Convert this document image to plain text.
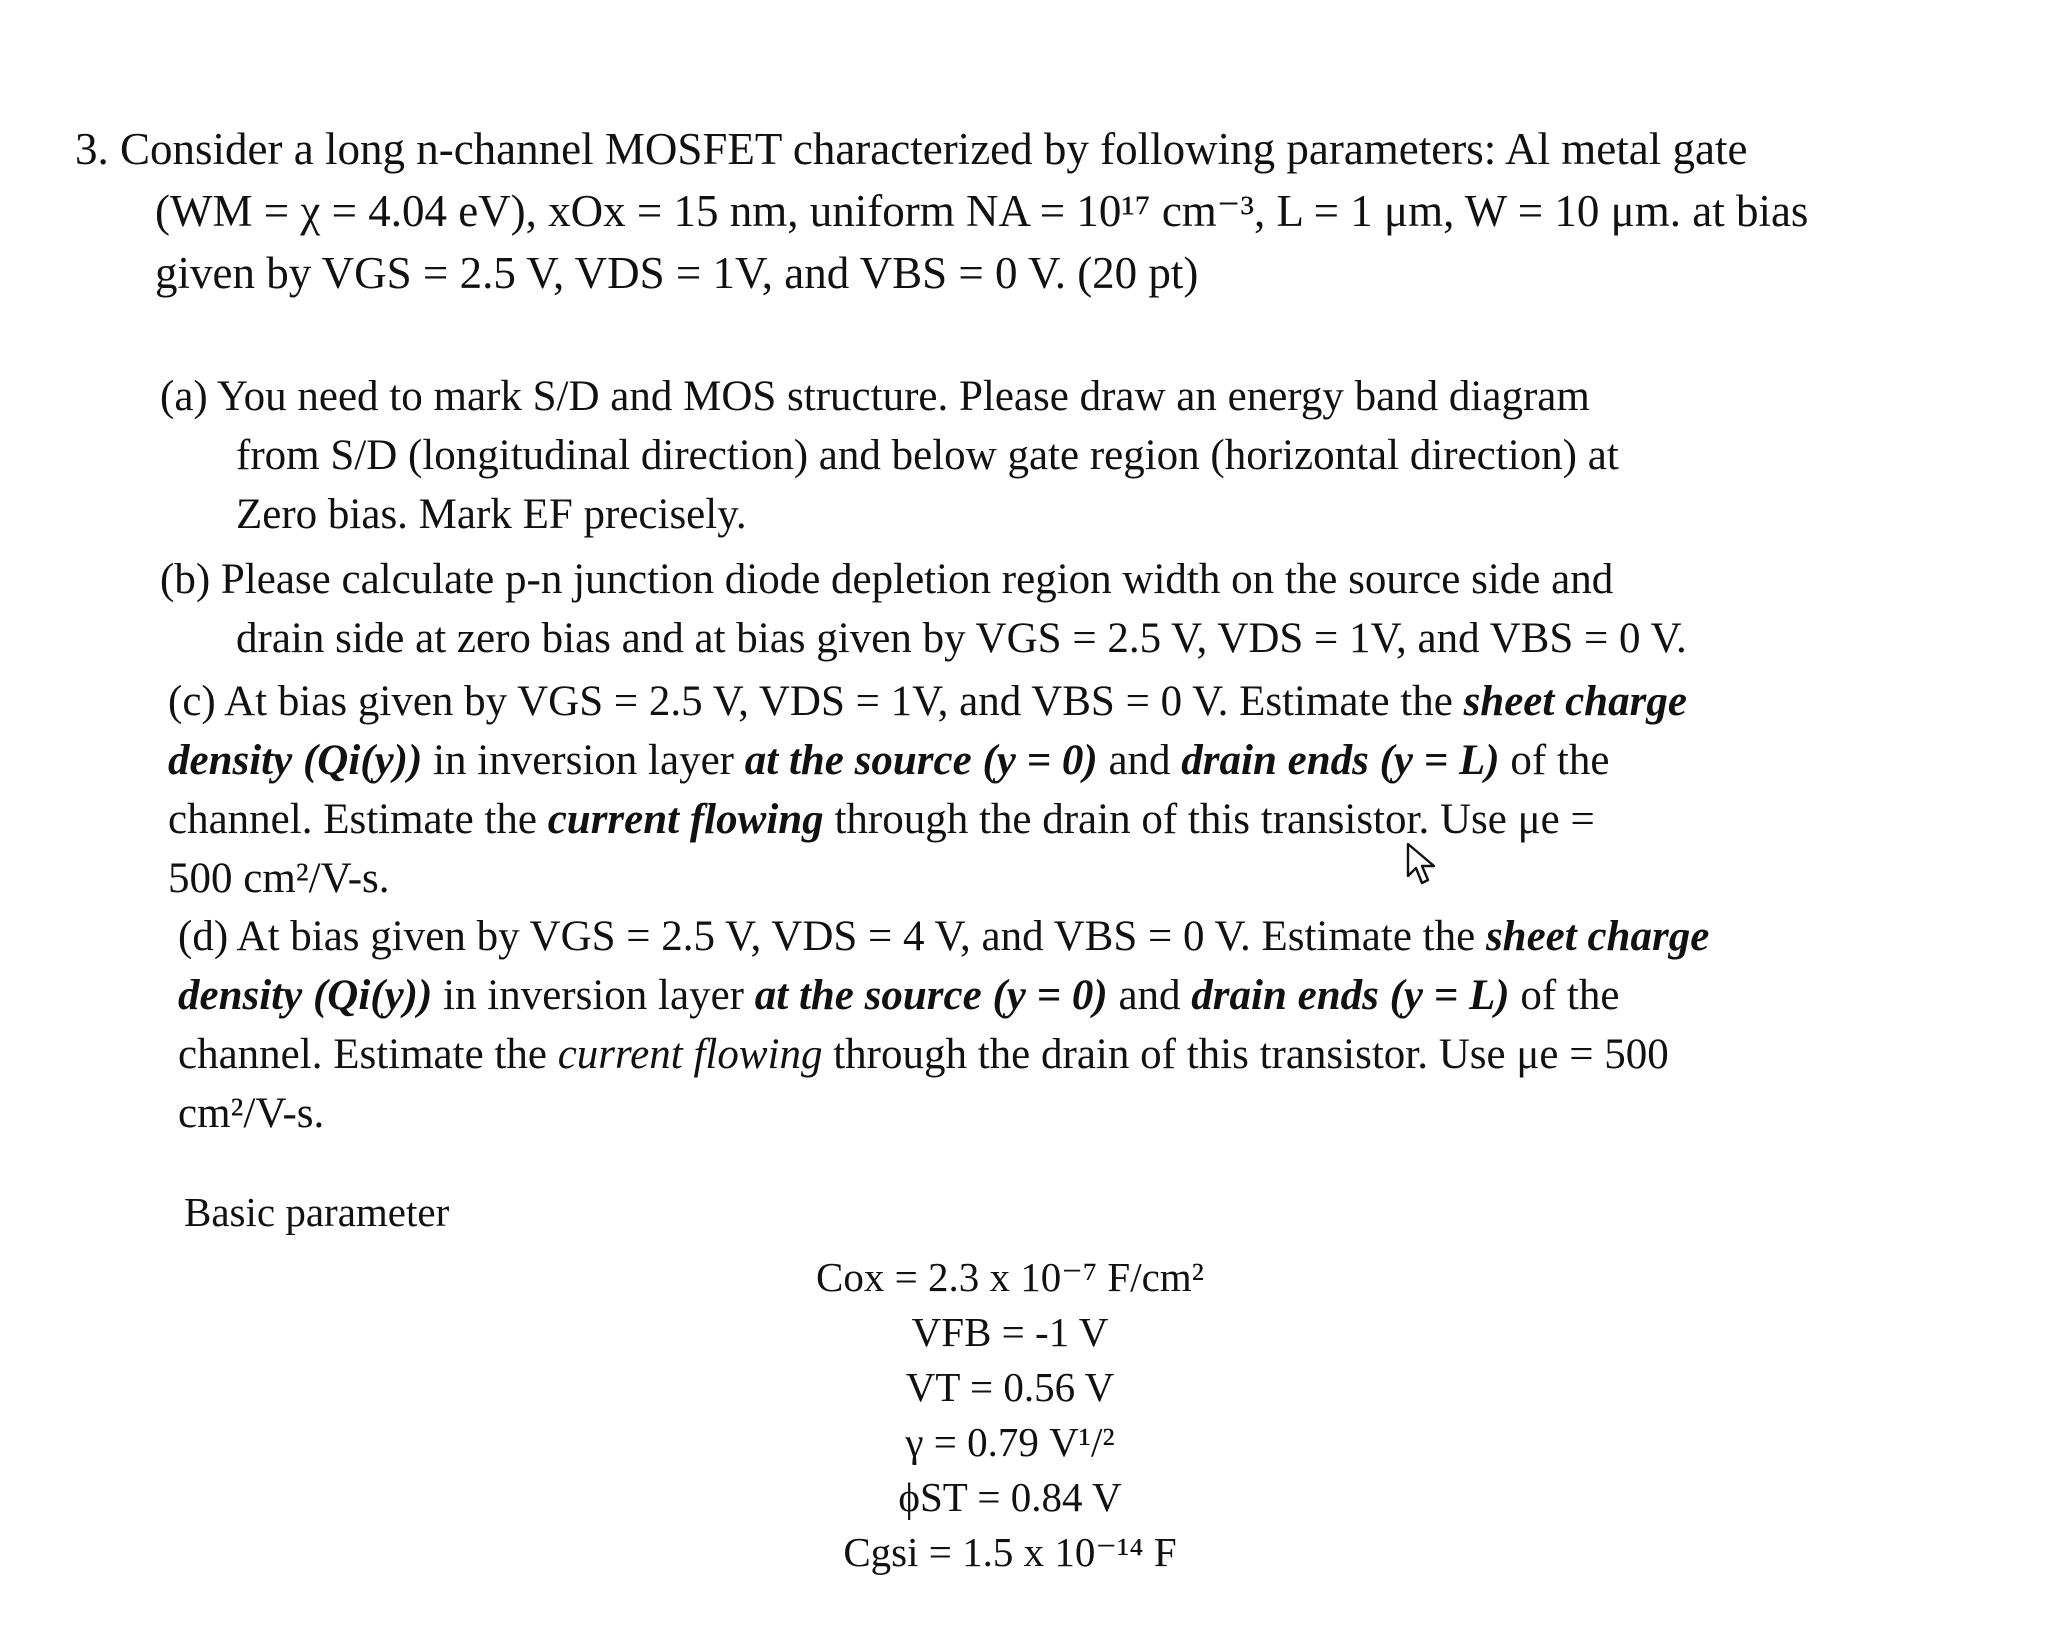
3. Consider a long n-channel MOSFET characterized by following parameters: Al metal gate
(WM = χ = 4.04 eV), xOx = 15 nm, uniform NA = 10¹⁷ cm⁻³, L = 1 μm, W = 10 μm. at bias
given by VGS = 2.5 V, VDS = 1V, and VBS = 0 V. (20 pt)
(a) You need to mark S/D and MOS structure. Please draw an energy band diagram
from S/D (longitudinal direction) and below gate region (horizontal direction) at
Zero bias. Mark EF precisely.
(b) Please calculate p-n junction diode depletion region width on the source side and
drain side at zero bias and at bias given by VGS = 2.5 V, VDS = 1V, and VBS = 0 V.
(c) At bias given by VGS = 2.5 V, VDS = 1V, and VBS = 0 V. Estimate the sheet charge
density (Qi(y)) in inversion layer at the source (y = 0) and drain ends (y = L) of the
channel. Estimate the current flowing through the drain of this transistor. Use μe =
500 cm²/V-s.
(d) At bias given by VGS = 2.5 V, VDS = 4 V, and VBS = 0 V. Estimate the sheet charge
density (Qi(y)) in inversion layer at the source (y = 0) and drain ends (y = L) of the
channel. Estimate the current flowing through the drain of this transistor. Use μe = 500
cm²/V-s.
Basic parameter
Cox = 2.3 x 10⁻⁷ F/cm²
VFB = -1 V
VT = 0.56 V
γ = 0.79 V¹/²
ϕST = 0.84 V
Cgsi = 1.5 x 10⁻¹⁴ F
